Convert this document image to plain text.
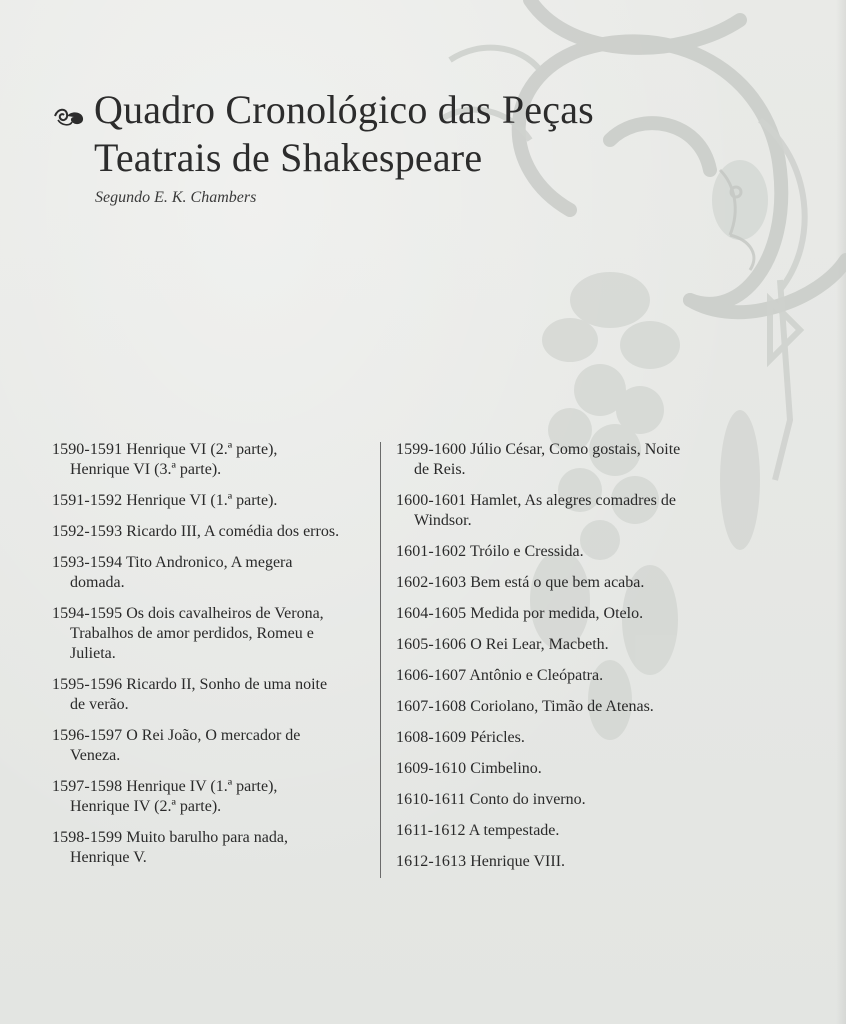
Quadro Cronológico das Peças
Teatrais de Shakespeare
Segundo E. K. Chambers
1590-1591 Henrique VI (2.ª parte),
Henrique VI (3.ª parte).
1591-1592 Henrique VI (1.ª parte).
1592-1593 Ricardo III, A comédia dos erros.
1593-1594 Tito Andronico, A megera
domada.
1594-1595 Os dois cavalheiros de Verona,
Trabalhos de amor perdidos, Romeu e
Julieta.
1595-1596 Ricardo II, Sonho de uma noite
de verão.
1596-1597 O Rei João, O mercador de
Veneza.
1597-1598 Henrique IV (1.ª parte),
Henrique IV (2.ª parte).
1598-1599 Muito barulho para nada,
Henrique V.
1599-1600 Júlio César, Como gostais, Noite
de Reis.
1600-1601 Hamlet, As alegres comadres de
Windsor.
1601-1602 Tróilo e Cressida.
1602-1603 Bem está o que bem acaba.
1604-1605 Medida por medida, Otelo.
1605-1606 O Rei Lear, Macbeth.
1606-1607 Antônio e Cleópatra.
1607-1608 Coriolano, Timão de Atenas.
1608-1609 Péricles.
1609-1610 Cimbelino.
1610-1611 Conto do inverno.
1611-1612 A tempestade.
1612-1613 Henrique VIII.
